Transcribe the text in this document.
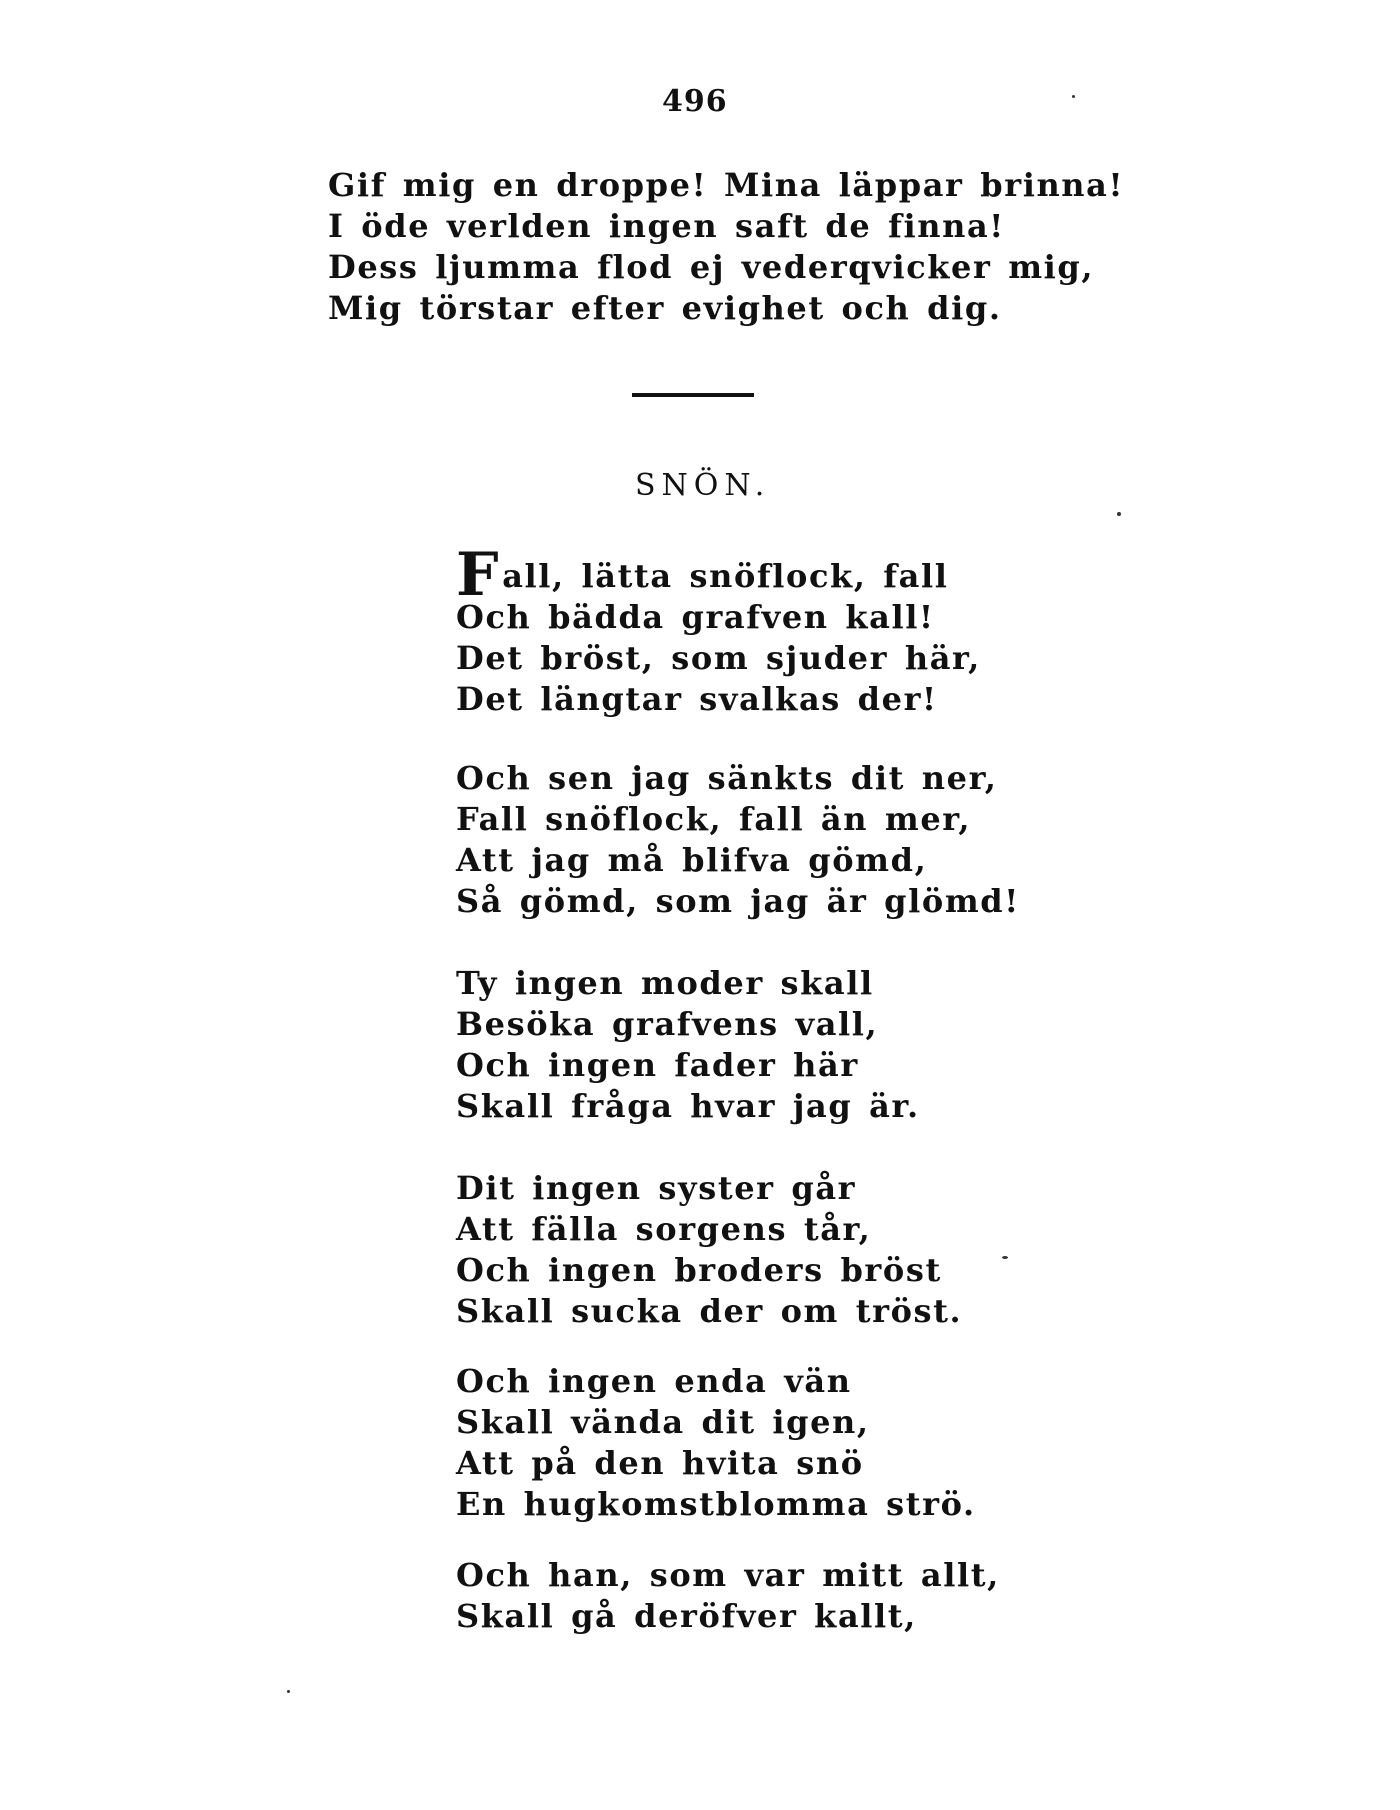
496
Gif mig en droppe! Mina läppar brinna!
I öde verlden ingen saft de finna!
Dess ljumma flod ej vederqvicker mig,
Mig törstar efter evighet och dig.
SNÖN.
Fall, lätta snöflock, fall
Och bädda grafven kall!
Det bröst, som sjuder här,
Det längtar svalkas der!
Och sen jag sänkts dit ner,
Fall snöflock, fall än mer,
Att jag må blifva gömd,
Så gömd, som jag är glömd!
Ty ingen moder skall
Besöka grafvens vall,
Och ingen fader här
Skall fråga hvar jag är.
Dit ingen syster går
Att fälla sorgens tår,
Och ingen broders bröst
Skall sucka der om tröst.
Och ingen enda vän
Skall vända dit igen,
Att på den hvita snö
En hugkomstblomma strö.
Och han, som var mitt allt,
Skall gå deröfver kallt,
